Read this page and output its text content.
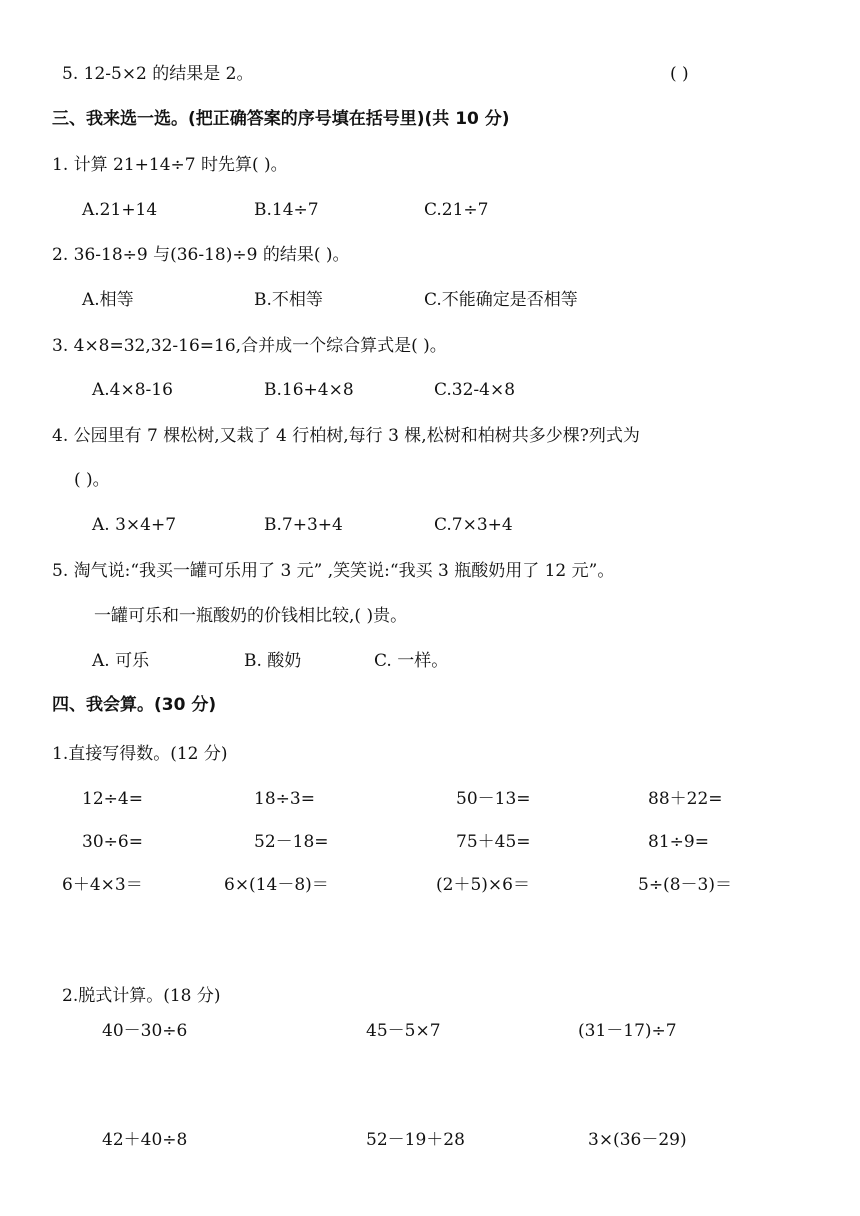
5. 12-5×2 的结果是 2。	( )
三、我来选一选。(把正确答案的序号填在括号里)(共 10 分)
1. 计算 21+14÷7 时先算( )。
A.21+14	B.14÷7	C.21÷7
2. 36-18÷9 与(36-18)÷9 的结果( )。
A.相等	B.不相等	C.不能确定是否相等
3. 4×8=32,32-16=16,合并成一个综合算式是( )。
A.4×8-16	B.16+4×8	C.32-4×8
4. 公园里有 7 棵松树,又栽了 4 行柏树,每行 3 棵,松树和柏树共多少棵?列式为
( )。
A. 3×4+7	B.7+3+4	C.7×3+4
5. 淘气说:“我买一罐可乐用了 3 元” ,笑笑说:“我买 3 瓶酸奶用了 12 元”。
一罐可乐和一瓶酸奶的价钱相比较,( )贵。
A. 可乐	B. 酸奶	C. 一样。
四、我会算。(30 分)
1.直接写得数。(12 分)
12÷4=	18÷3=	50－13=	88＋22=
30÷6=	52－18=	75＋45=	81÷9=
6＋4×3＝	6×(14－8)＝	(2＋5)×6＝	5÷(8－3)＝
2.脱式计算。(18 分)
40－30÷6	45－5×7	(31－17)÷7
42＋40÷8	52－19＋28	3×(36－29)
